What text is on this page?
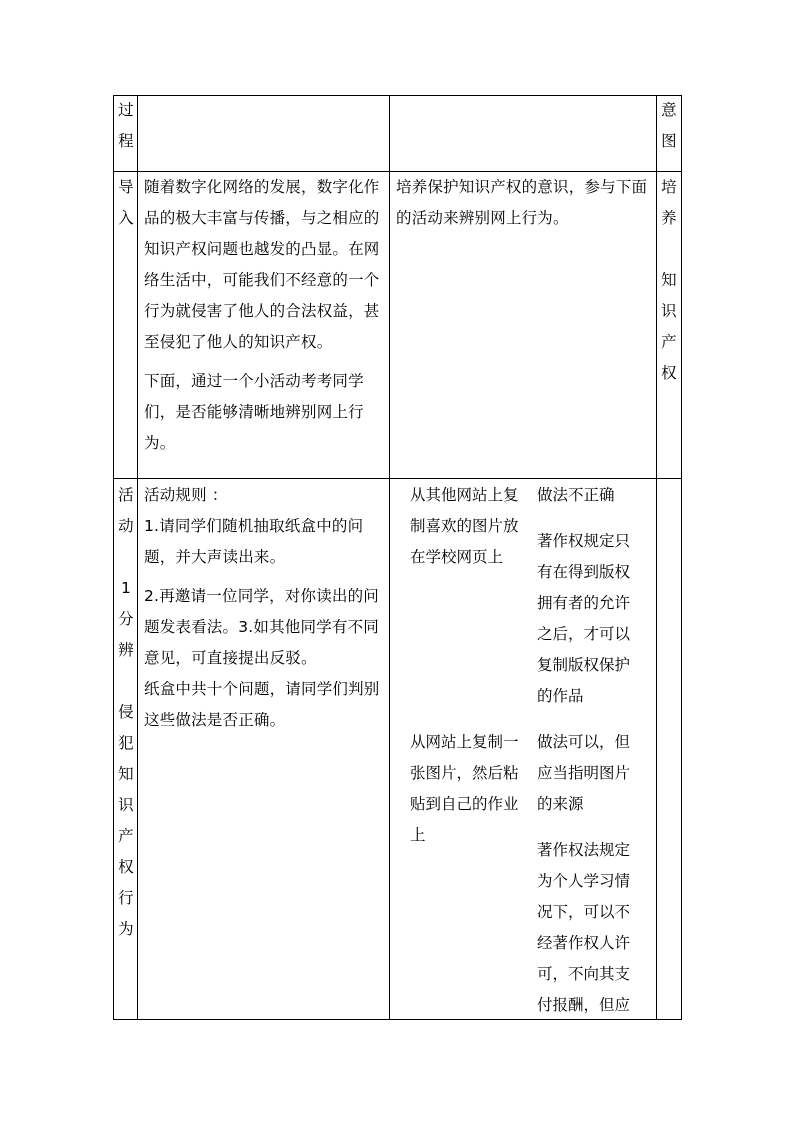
过
程
意
图
导
入

随着数字化网络的发展，数字化作品的极大丰富与传播，与之相应的知识产权问题也越发的凸显。在网络生活中，可能我们不经意的一个行为就侵害了他人的合法权益，甚至侵犯了他人的知识产权。

下面，通过一个小活动考考同学们，是否能够清晰地辨别网上行为。

培养保护知识产权的意识，参与下面的活动来辨别网上行为。

培
养

知
识
产
权
活
动

1
分
辨

侵
犯
知
识
产
权
行
为

活动规则 ：

1.请同学们随机抽取纸盒中的问题，并大声读出来。

2.再邀请一位同学，对你读出的问题发表看法。3.如其他同学有不同意见，可直接提出反驳。

纸盒中共十个问题，请同学们判别这些做法是否正确。

从其他网站上复制喜欢的图片放在学校网页上

做法不正确

著作权规定只有在得到版权拥有者的允许之后，才可以复制版权保护的作品

从网站上复制一张图片，然后粘贴到自己的作业上

做法可以，但应当指明图片的来源

著作权法规定为个人学习情况下，可以不经著作权人许可，不向其支付报酬，但应
